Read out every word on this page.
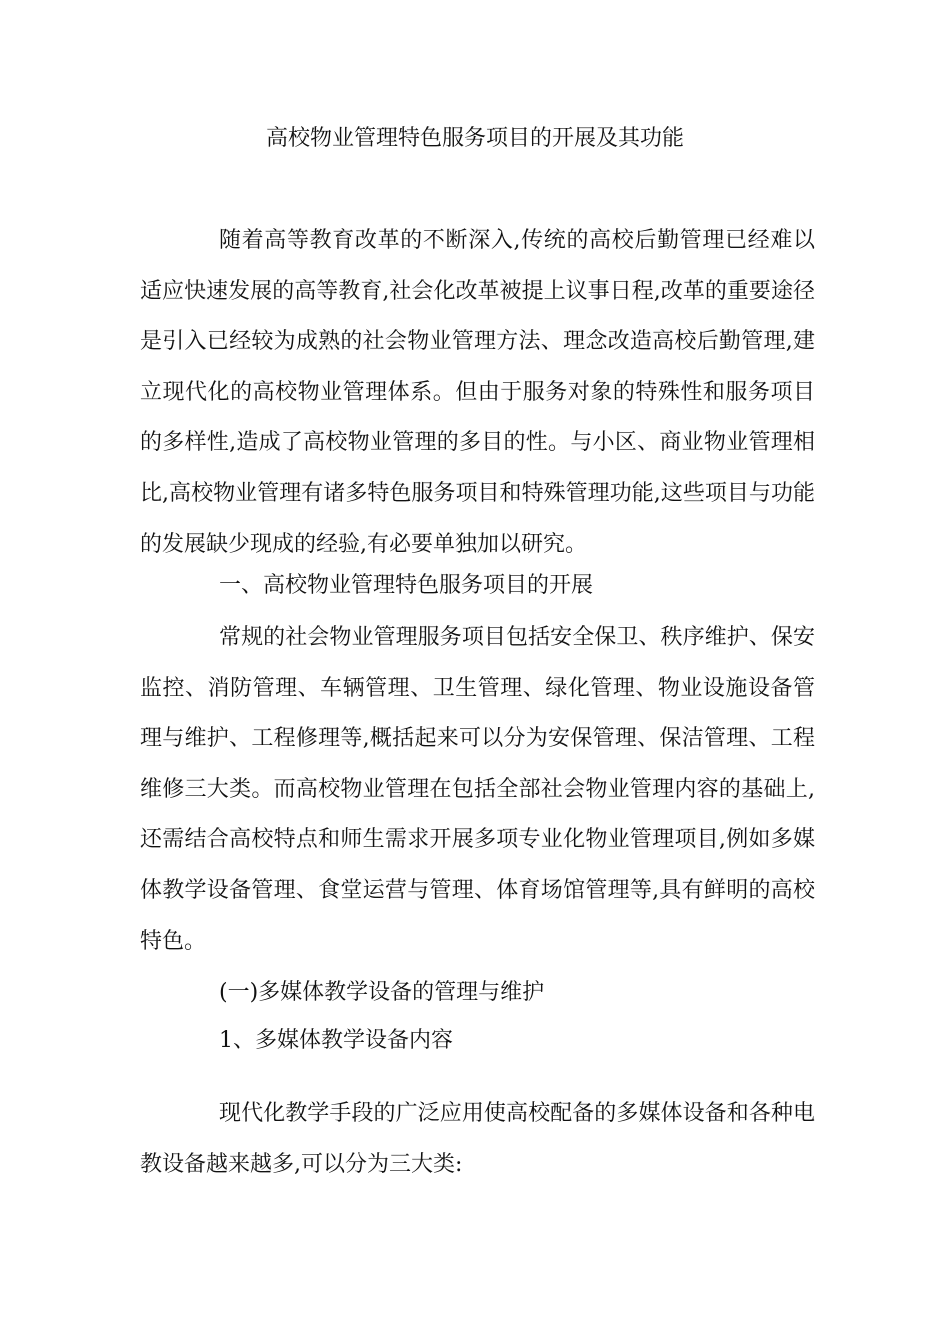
高校物业管理特色服务项目的开展及其功能

随着高等教育改革的不断深入,传统的高校后勤管理已经难以适应快速发展的高等教育,社会化改革被提上议事日程,改革的重要途径是引入已经较为成熟的社会物业管理方法、理念改造高校后勤管理,建立现代化的高校物业管理体系。但由于服务对象的特殊性和服务项目的多样性,造成了高校物业管理的多目的性。与小区、商业物业管理相比,高校物业管理有诸多特色服务项目和特殊管理功能,这些项目与功能的发展缺少现成的经验,有必要单独加以研究。

一、高校物业管理特色服务项目的开展

常规的社会物业管理服务项目包括安全保卫、秩序维护、保安监控、消防管理、车辆管理、卫生管理、绿化管理、物业设施设备管理与维护、工程修理等,概括起来可以分为安保管理、保洁管理、工程维修三大类。而高校物业管理在包括全部社会物业管理内容的基础上,还需结合高校特点和师生需求开展多项专业化物业管理项目,例如多媒体教学设备管理、食堂运营与管理、体育场馆管理等,具有鲜明的高校特色。

(一)多媒体教学设备的管理与维护

1、多媒体教学设备内容

现代化教学手段的广泛应用使高校配备的多媒体设备和各种电教设备越来越多,可以分为三大类:
